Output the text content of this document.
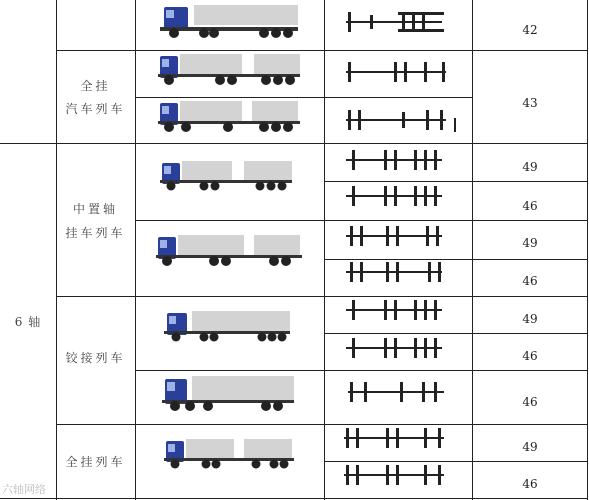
6 轴
全挂
汽车列车
中置轴
挂车列车
铰接列车
全挂列车
42
43
49
46
49
46
49
46
46
49
46
六轴网络
